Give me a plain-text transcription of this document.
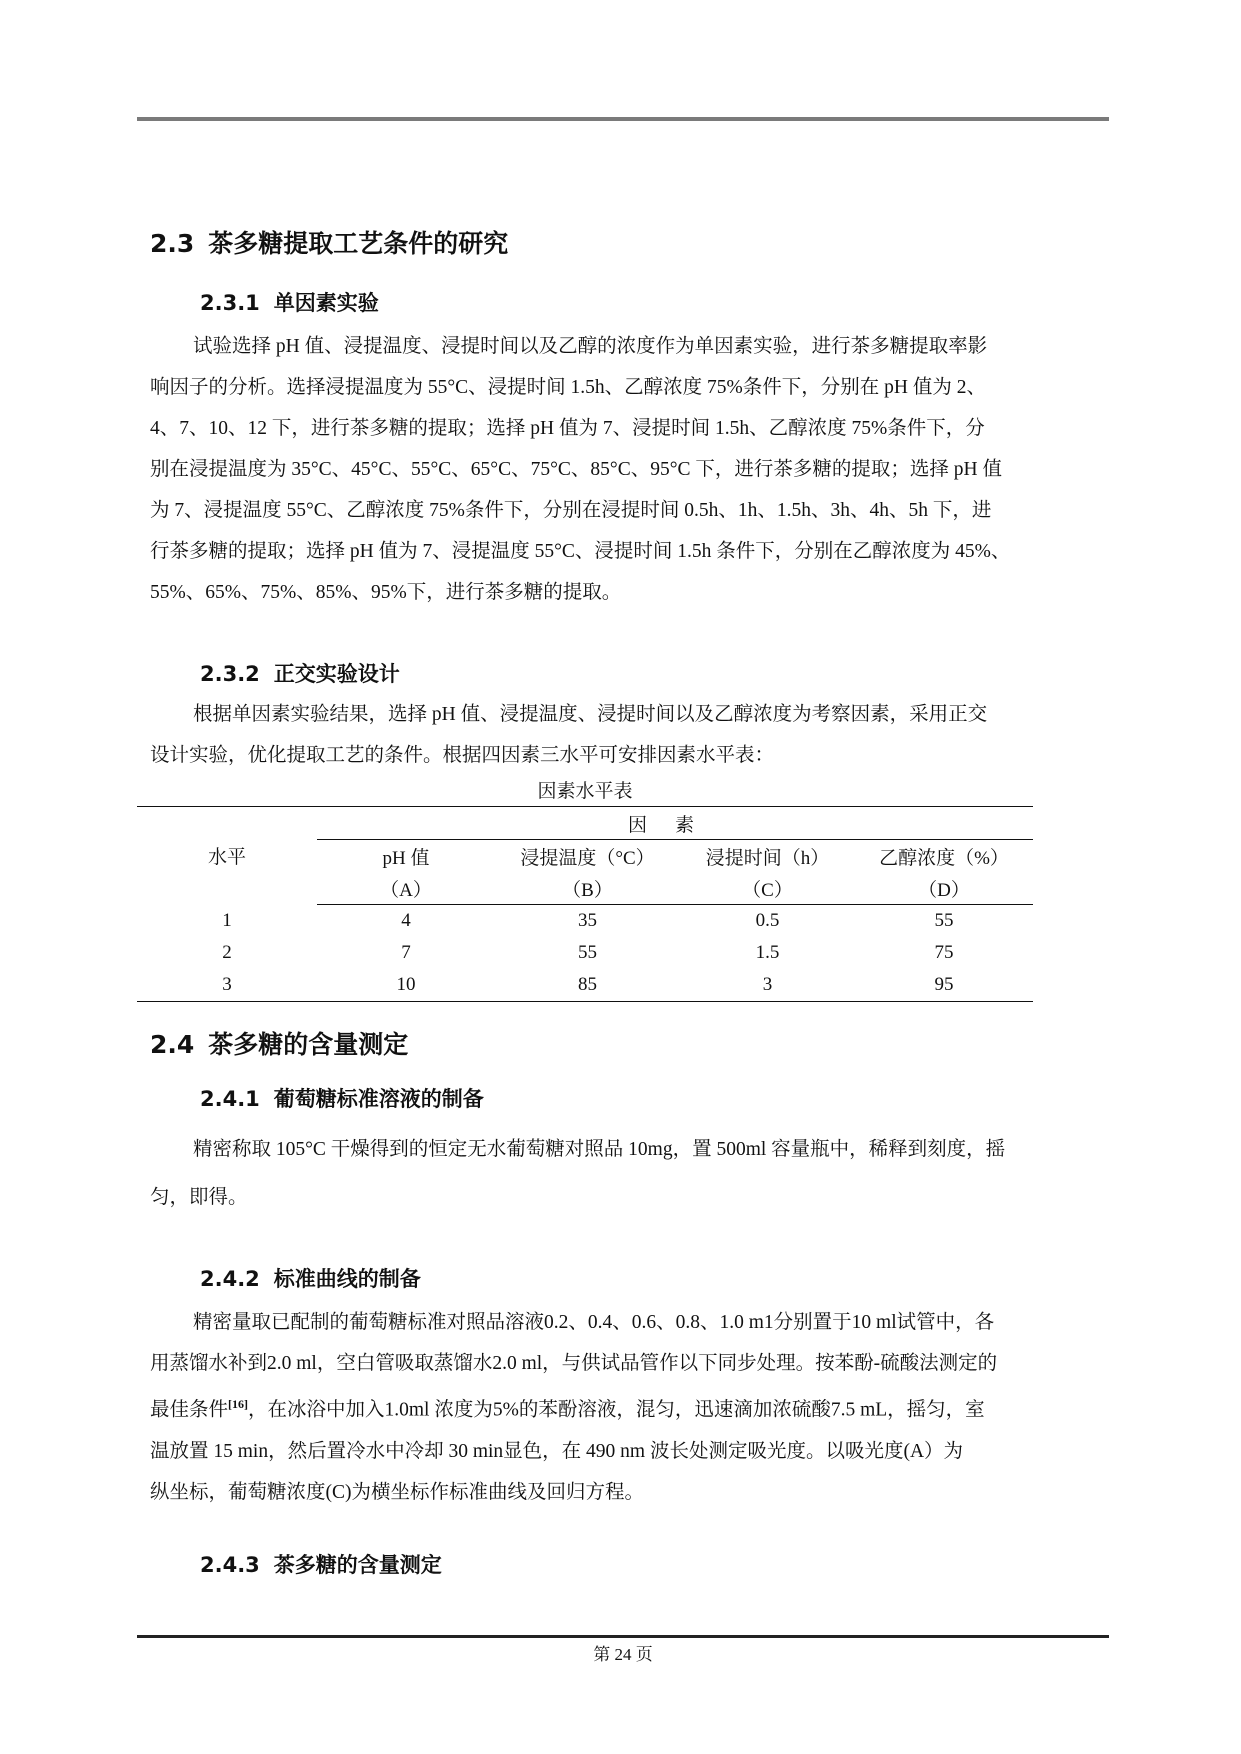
2.3 茶多糖提取工艺条件的研究
2.3.1 单因素实验
试验选择 pH 值、浸提温度、浸提时间以及乙醇的浓度作为单因素实验，进行茶多糖提取率影
响因子的分析。选择浸提温度为 55°C、浸提时间 1.5h、乙醇浓度 75%条件下，分别在 pH 值为 2、
4、7、10、12 下，进行茶多糖的提取；选择 pH 值为 7、浸提时间 1.5h、乙醇浓度 75%条件下，分
别在浸提温度为 35°C、45°C、55°C、65°C、75°C、85°C、95°C 下，进行茶多糖的提取；选择 pH 值
为 7、浸提温度 55°C、乙醇浓度 75%条件下，分别在浸提时间 0.5h、1h、1.5h、3h、4h、5h 下，进
行茶多糖的提取；选择 pH 值为 7、浸提温度 55°C、浸提时间 1.5h 条件下，分别在乙醇浓度为 45%、
55%、65%、75%、85%、95%下，进行茶多糖的提取。
2.3.2 正交实验设计
根据单因素实验结果，选择 pH 值、浸提温度、浸提时间以及乙醇浓度为考察因素，采用正交
设计实验，优化提取工艺的条件。根据四因素三水平可安排因素水平表：
因素水平表
水平	因素			
	pH 值	浸提温度（°C）	浸提时间（h）	乙醇浓度（%）
	（A）	（B）	（C）	（D）
1	4	35	0.5	55
2	7	55	1.5	75
3	10	85	3	95
2.4 茶多糖的含量测定
2.4.1 葡萄糖标准溶液的制备
精密称取 105°C 干燥得到的恒定无水葡萄糖对照品 10mg，置 500ml 容量瓶中，稀释到刻度，摇
匀，即得。
2.4.2 标准曲线的制备
精密量取已配制的葡萄糖标准对照品溶液0.2、0.4、0.6、0.8、1.0 m1分别置于10 ml试管中，各
用蒸馏水补到2.0 ml，空白管吸取蒸馏水2.0 ml，与供试品管作以下同步处理。按苯酚-硫酸法测定的
最佳条件[16]，在冰浴中加入1.0ml 浓度为5%的苯酚溶液，混匀，迅速滴加浓硫酸7.5 mL，摇匀，室
温放置 15 min，然后置冷水中冷却 30 min显色，在 490 nm 波长处测定吸光度。以吸光度(A）为
纵坐标，葡萄糖浓度(C)为横坐标作标准曲线及回归方程。
2.4.3 茶多糖的含量测定
第 24 页
